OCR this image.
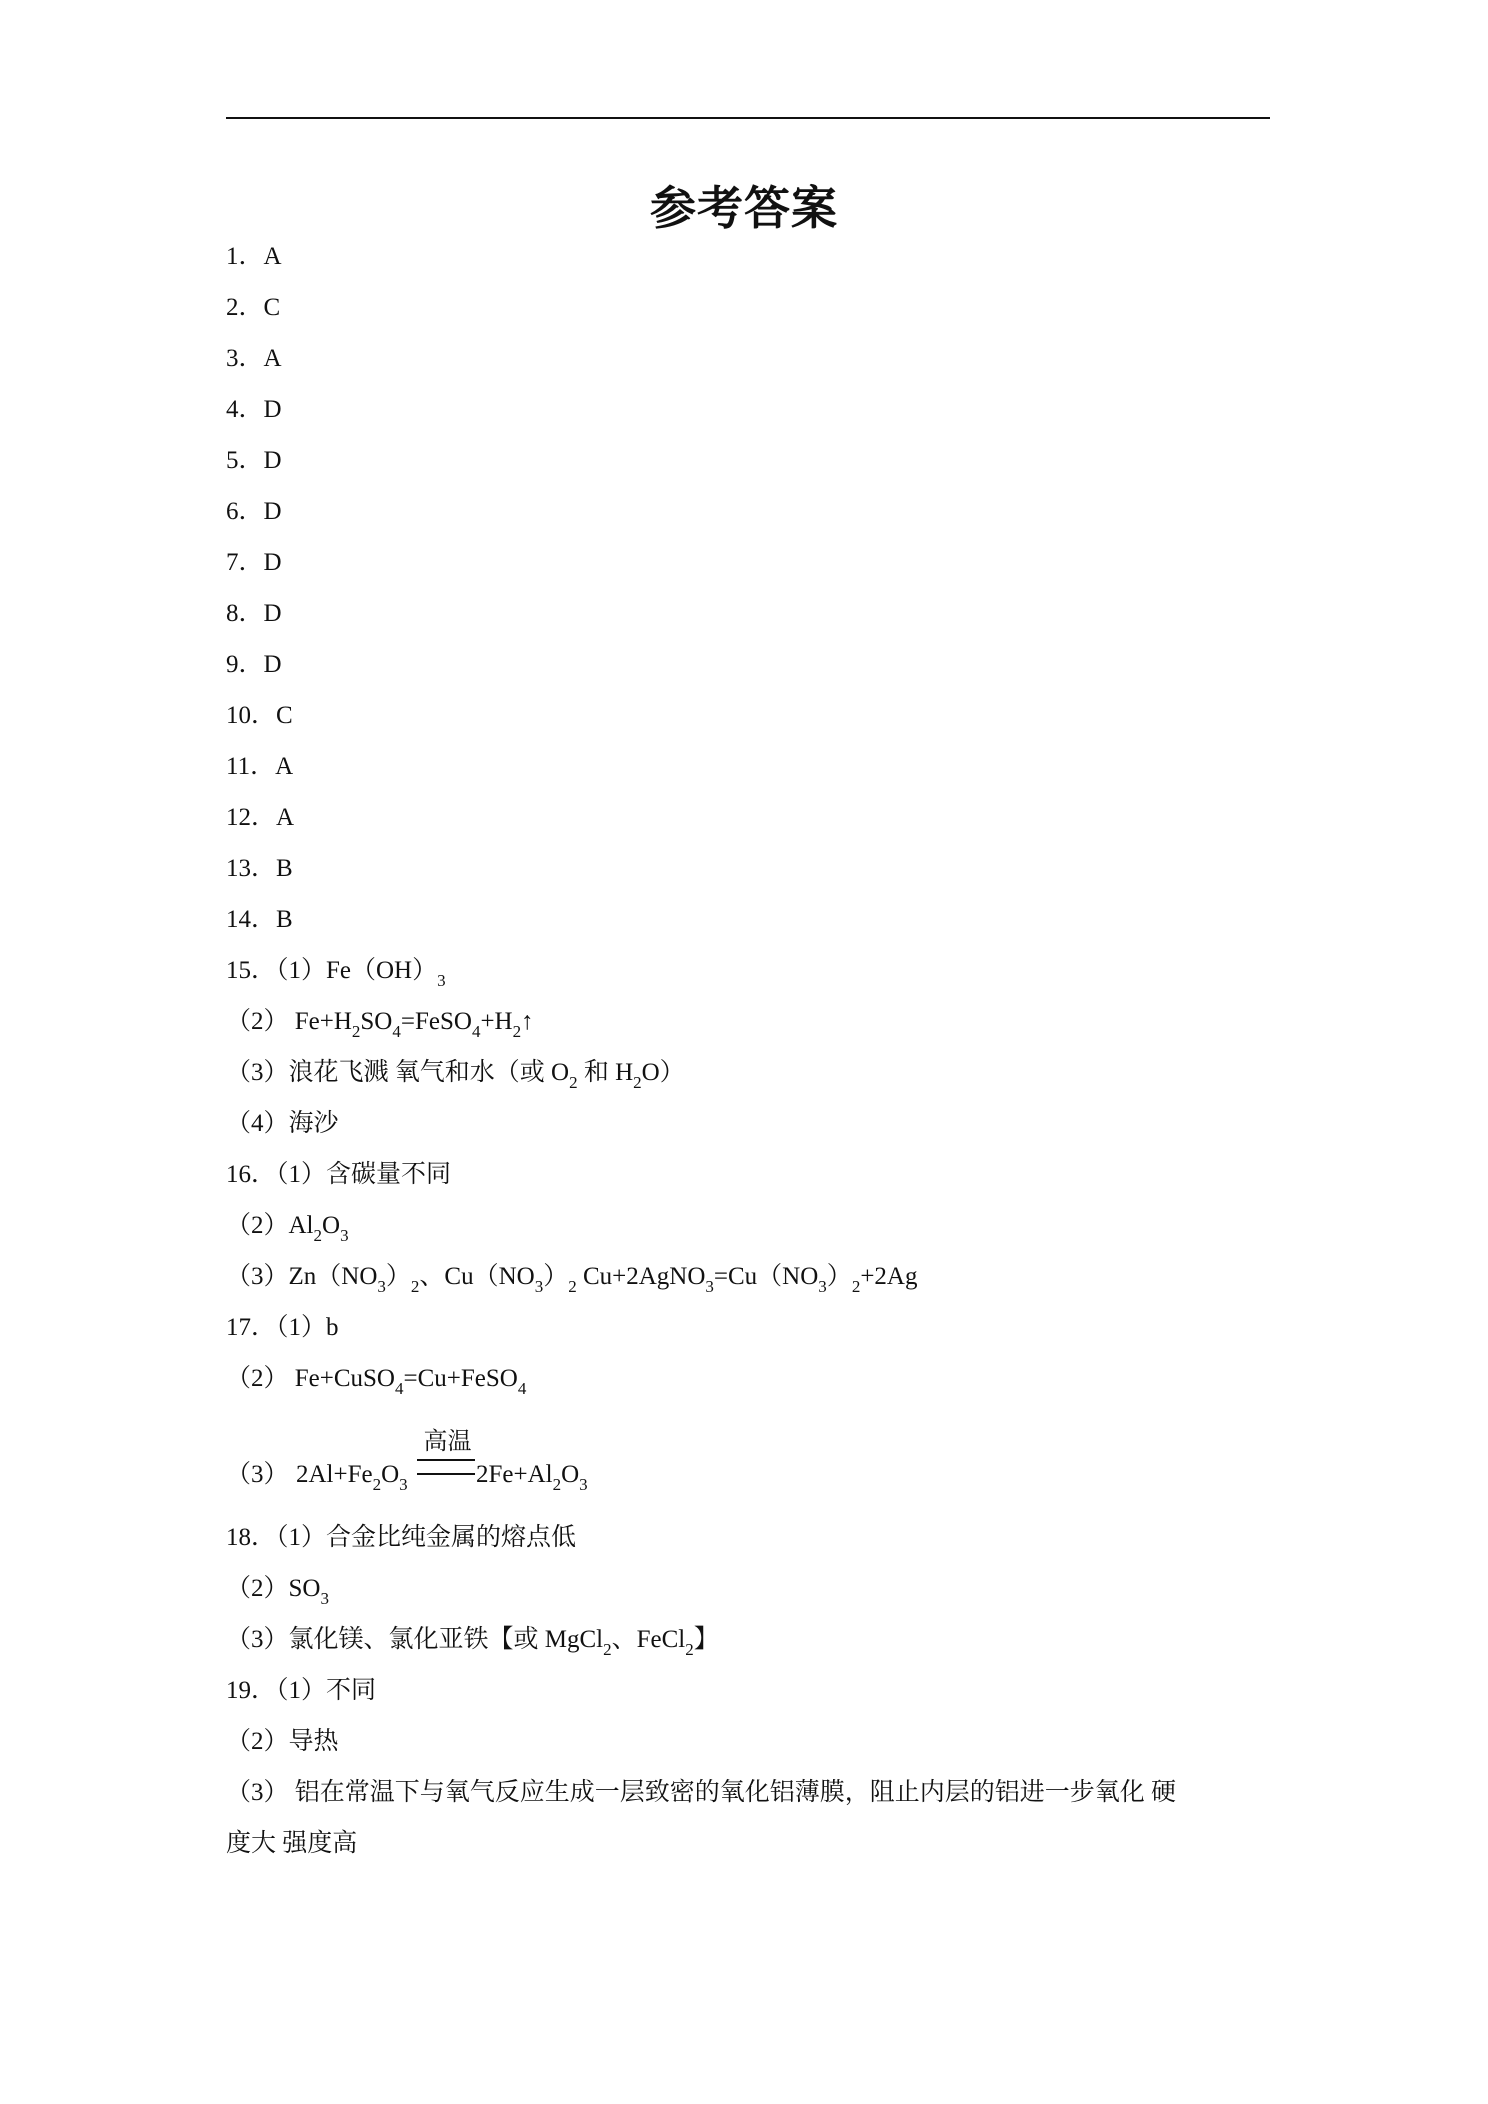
参考答案
1．A
2．C
3．A
4．D
5．D
6．D
7．D
8．D
9．D
10．C
11．A
12．A
13．B
14．B
15．$(1)Fe(OH)_3$
（2） $Fe+H_2SO_4=FeSO_4+H_2↑$
（3）浪花飞溅 氧气和水（或 $O_2$ 和 $H_2O$）
（4）海沙
16．（1）含碳量不同
$(2)Al_2O_3$
$(3)Zn(NO_3)_2$、$Cu(NO_3)_2$ $Cu+2AgNO_3=Cu(NO_3)_2+2Ag$
17．（1）b
（2） Fe+CuSO$_4$=Cu+FeSO$_4$
（3） $2Al+Fe_2O_3$
高温
$2Fe+Al_2O_3$
18．（1）合金比纯金属的熔点低
$(2)SO_3$
（3）氯化镁、氯化亚铁【或 MgCl$_2$、FeCl$_2$】
19．（1）不同
（2）导热
（3） 铝在常温下与氧气反应生成一层致密的氧化铝薄膜，阻止内层的铝进一步氧化 硬
度大 强度高
